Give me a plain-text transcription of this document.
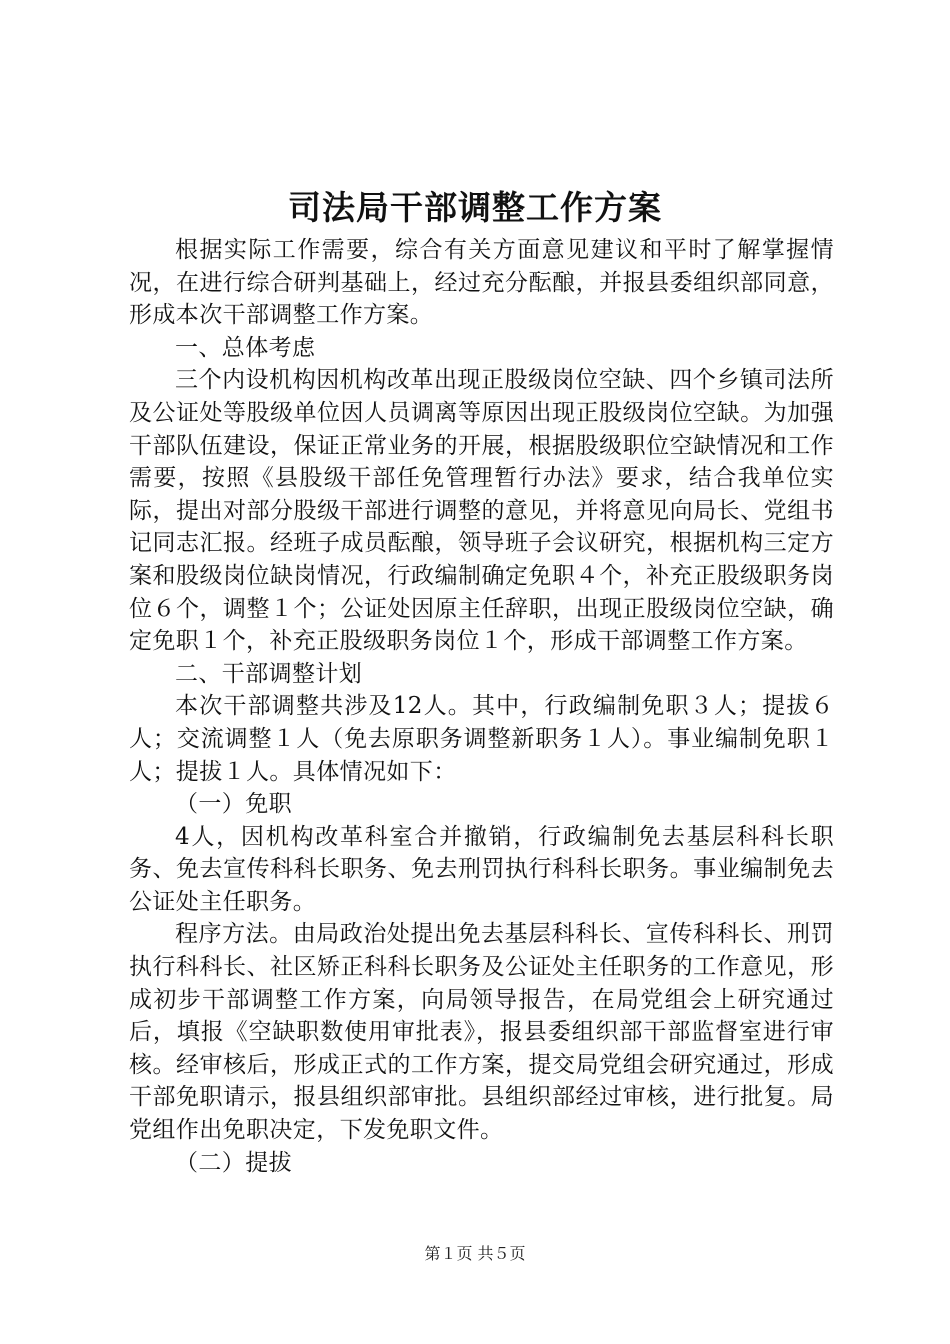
司法局干部调整工作方案

根据实际工作需要，综合有关方面意见建议和平时了解掌握情况，在进行综合研判基础上，经过充分酝酿，并报县委组织部同意，形成本次干部调整工作方案。

一、总体考虑

三个内设机构因机构改革出现正股级岗位空缺、四个乡镇司法所及公证处等股级单位因人员调离等原因出现正股级岗位空缺。为加强干部队伍建设，保证正常业务的开展，根据股级职位空缺情况和工作需要，按照《县股级干部任免管理暂行办法》要求，结合我单位实际，提出对部分股级干部进行调整的意见，并将意见向局长、党组书记同志汇报。经班子成员酝酿，领导班子会议研究，根据机构三定方案和股级岗位缺岗情况，行政编制确定免职４个，补充正股级职务岗位６个，调整１个；公证处因原主任辞职，出现正股级岗位空缺，确定免职１个，补充正股级职务岗位１个，形成干部调整工作方案。

二、干部调整计划

本次干部调整共涉及12人。其中，行政编制免职３人；提拔６人；交流调整１人（免去原职务调整新职务１人）。事业编制免职１人；提拔１人。具体情况如下：

（一）免职

4人，因机构改革科室合并撤销，行政编制免去基层科科长职务、免去宣传科科长职务、免去刑罚执行科科长职务。事业编制免去公证处主任职务。

程序方法。由局政治处提出免去基层科科长、宣传科科长、刑罚执行科科长、社区矫正科科长职务及公证处主任职务的工作意见，形成初步干部调整工作方案，向局领导报告，在局党组会上研究通过后，填报《空缺职数使用审批表》，报县委组织部干部监督室进行审核。经审核后，形成正式的工作方案，提交局党组会研究通过，形成干部免职请示，报县组织部审批。县组织部经过审核，进行批复。局党组作出免职决定，下发免职文件。

（二）提拔

第１页 共５页
